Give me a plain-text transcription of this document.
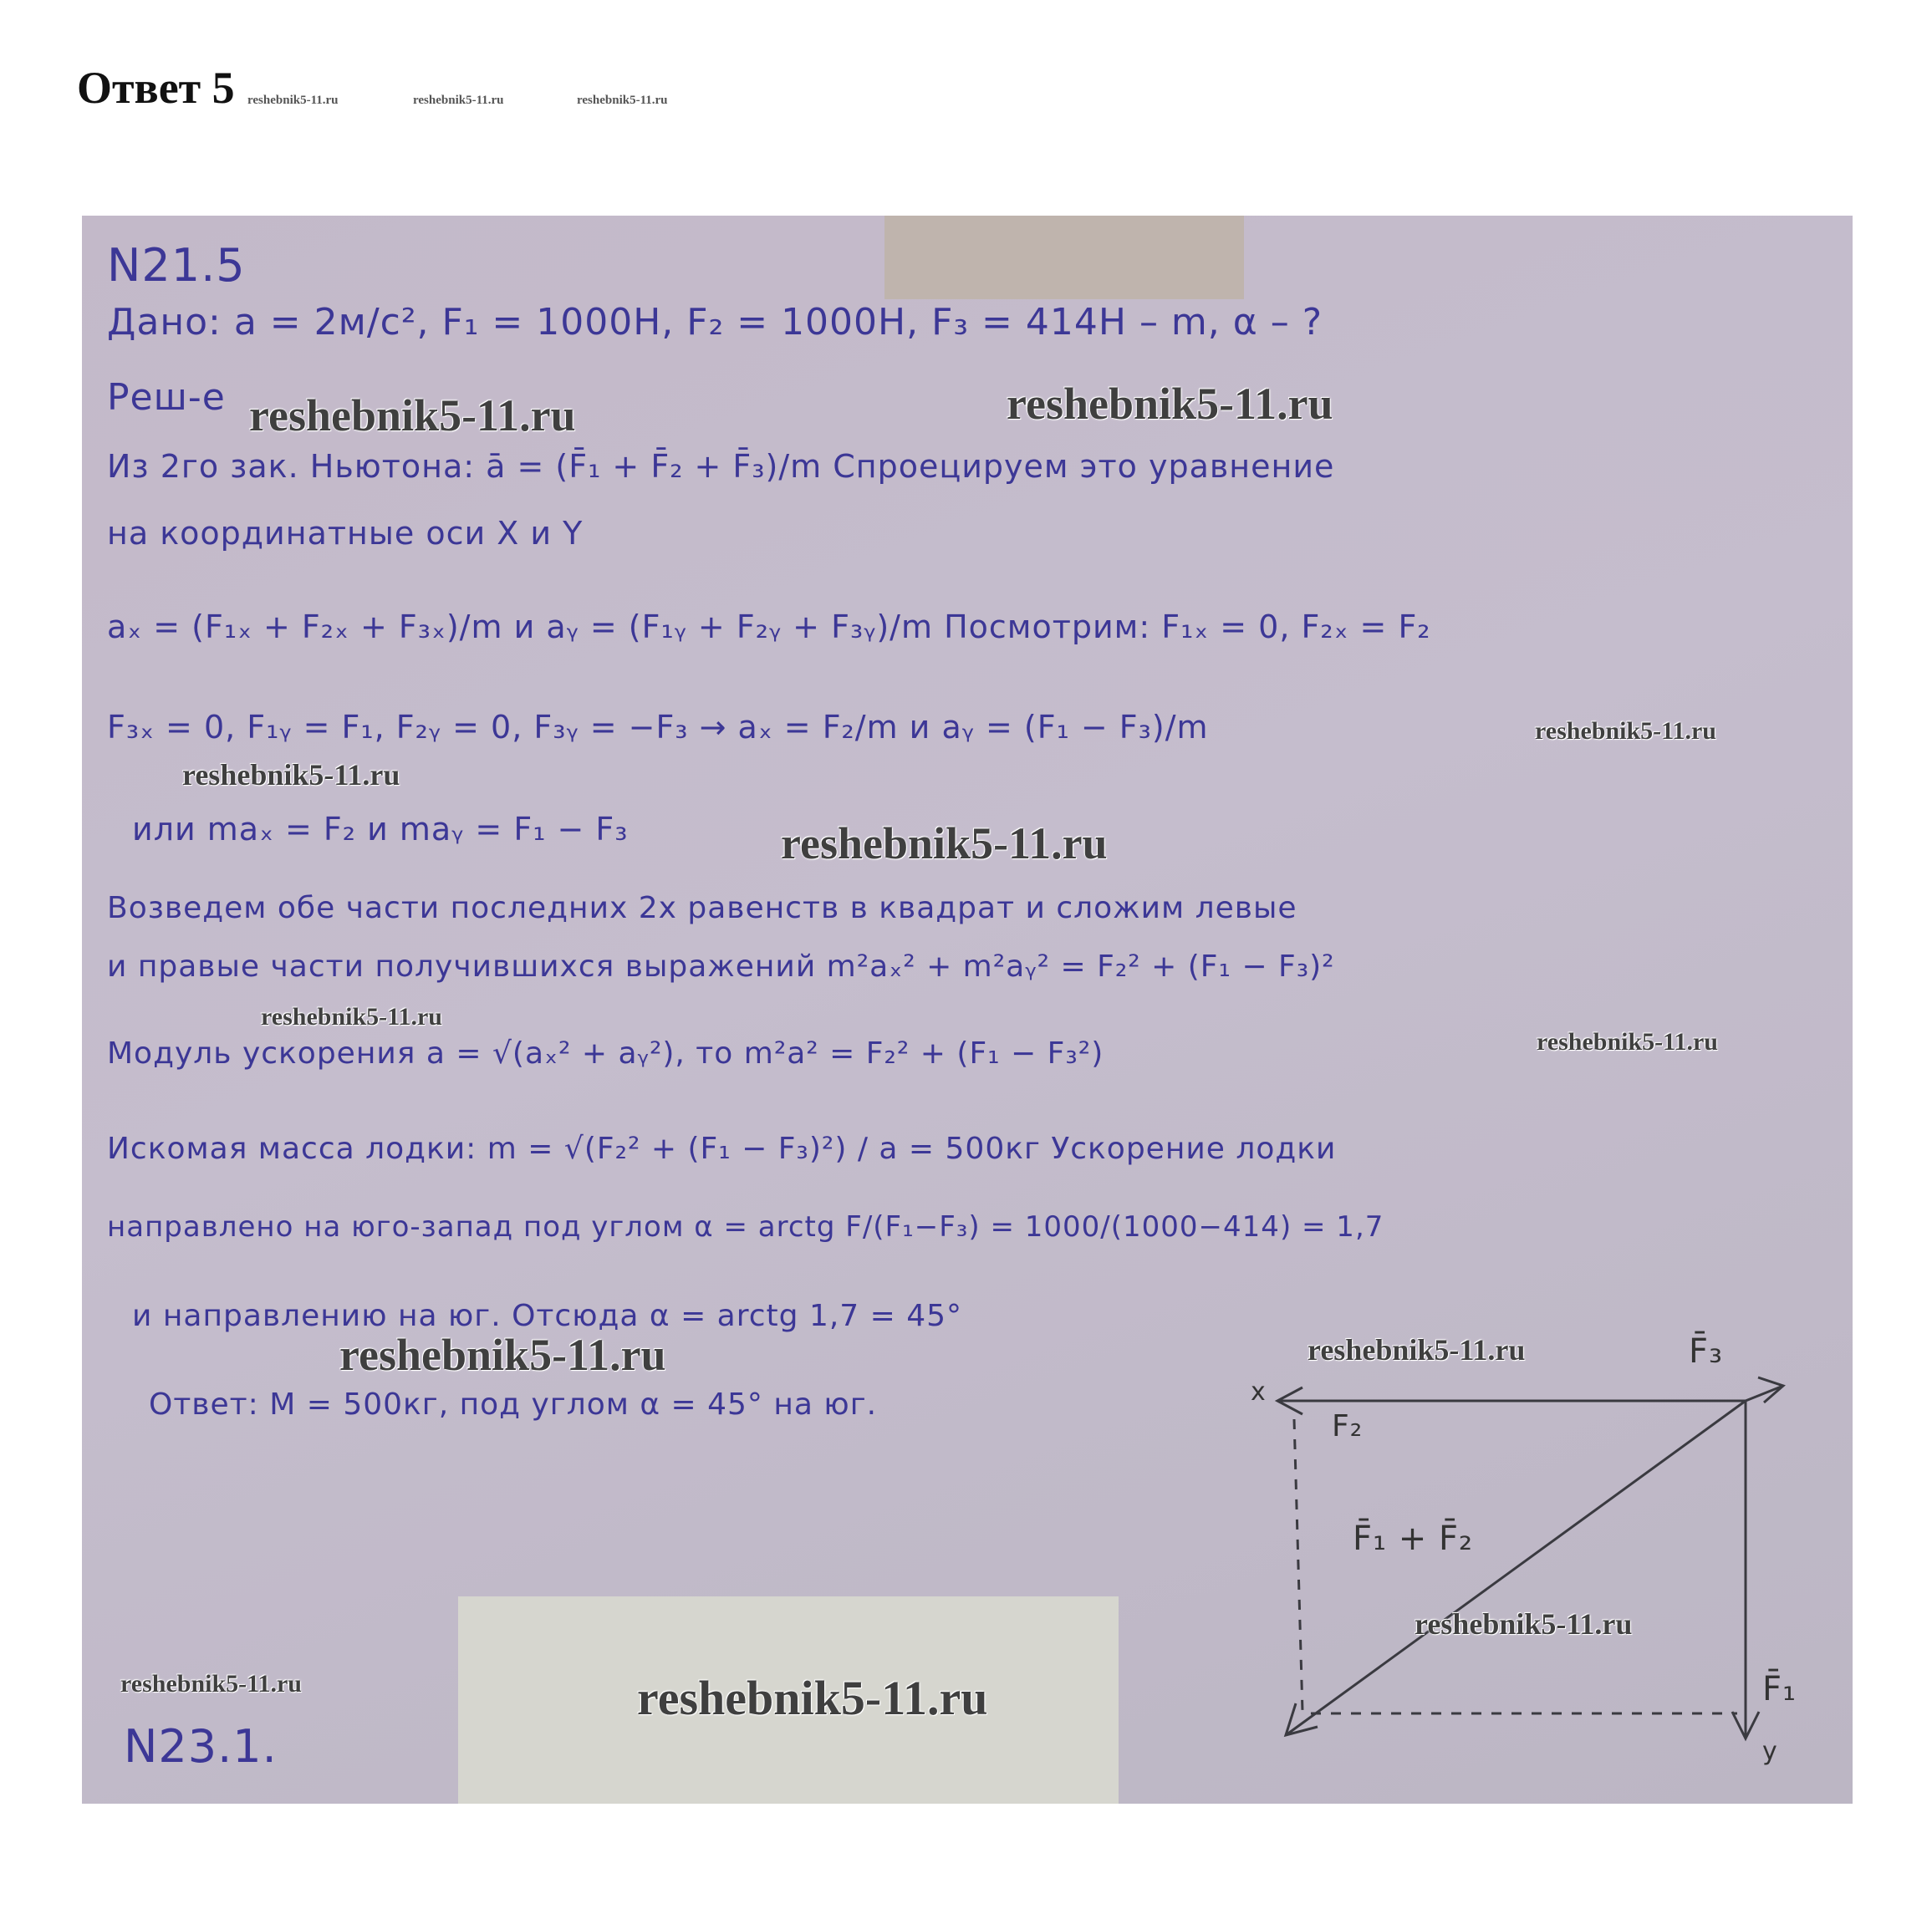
Ответ 5 reshebnik5-11.ru	reshebnik5-11.ru	reshebnik5-11.ru
N21.5
Дано: a = 2м/с², F₁ = 1000Н, F₂ = 1000Н, F₃ = 414Н – m, α – ?
Реш-е
Из 2го зак. Ньютона: ā = (F̄₁ + F̄₂ + F̄₃)/m Спроецируем это уравнение
на координатные оси X и Y
aₓ = (F₁ₓ + F₂ₓ + F₃ₓ)/m и aᵧ = (F₁ᵧ + F₂ᵧ + F₃ᵧ)/m Посмотрим: F₁ₓ = 0, F₂ₓ = F₂
F₃ₓ = 0, F₁ᵧ = F₁, F₂ᵧ = 0, F₃ᵧ = −F₃ → aₓ = F₂/m и aᵧ = (F₁ − F₃)/m
или maₓ = F₂ и maᵧ = F₁ − F₃
Возведем обе части последних 2х равенств в квадрат и сложим левые
и правые части получившихся выражений m²aₓ² + m²aᵧ² = F₂² + (F₁ − F₃)²
Модуль ускорения a = √(aₓ² + aᵧ²), то m²a² = F₂² + (F₁ − F₃²)
Искомая масса лодки: m = √(F₂² + (F₁ − F₃)²) / a = 500кг Ускорение лодки
направлено на юго-запад под углом α = arctg F/(F₁−F₃) = 1000/(1000−414) = 1,7
и направлению на юг. Отсюда α = arctg 1,7 = 45°
Ответ: M = 500кг, под углом α = 45° на юг.
N23.1.
x
y
F₂
F̄₃
F̄₁
F̄₁ + F̄₂
reshebnik5-11.ru	reshebnik5-11.ru
reshebnik5-11.ru
reshebnik5-11.ru
reshebnik5-11.ru
reshebnik5-11.ru
reshebnik5-11.ru
reshebnik5-11.ru	reshebnik5-11.ru
reshebnik5-11.ru
reshebnik5-11.ru	reshebnik5-11.ru
